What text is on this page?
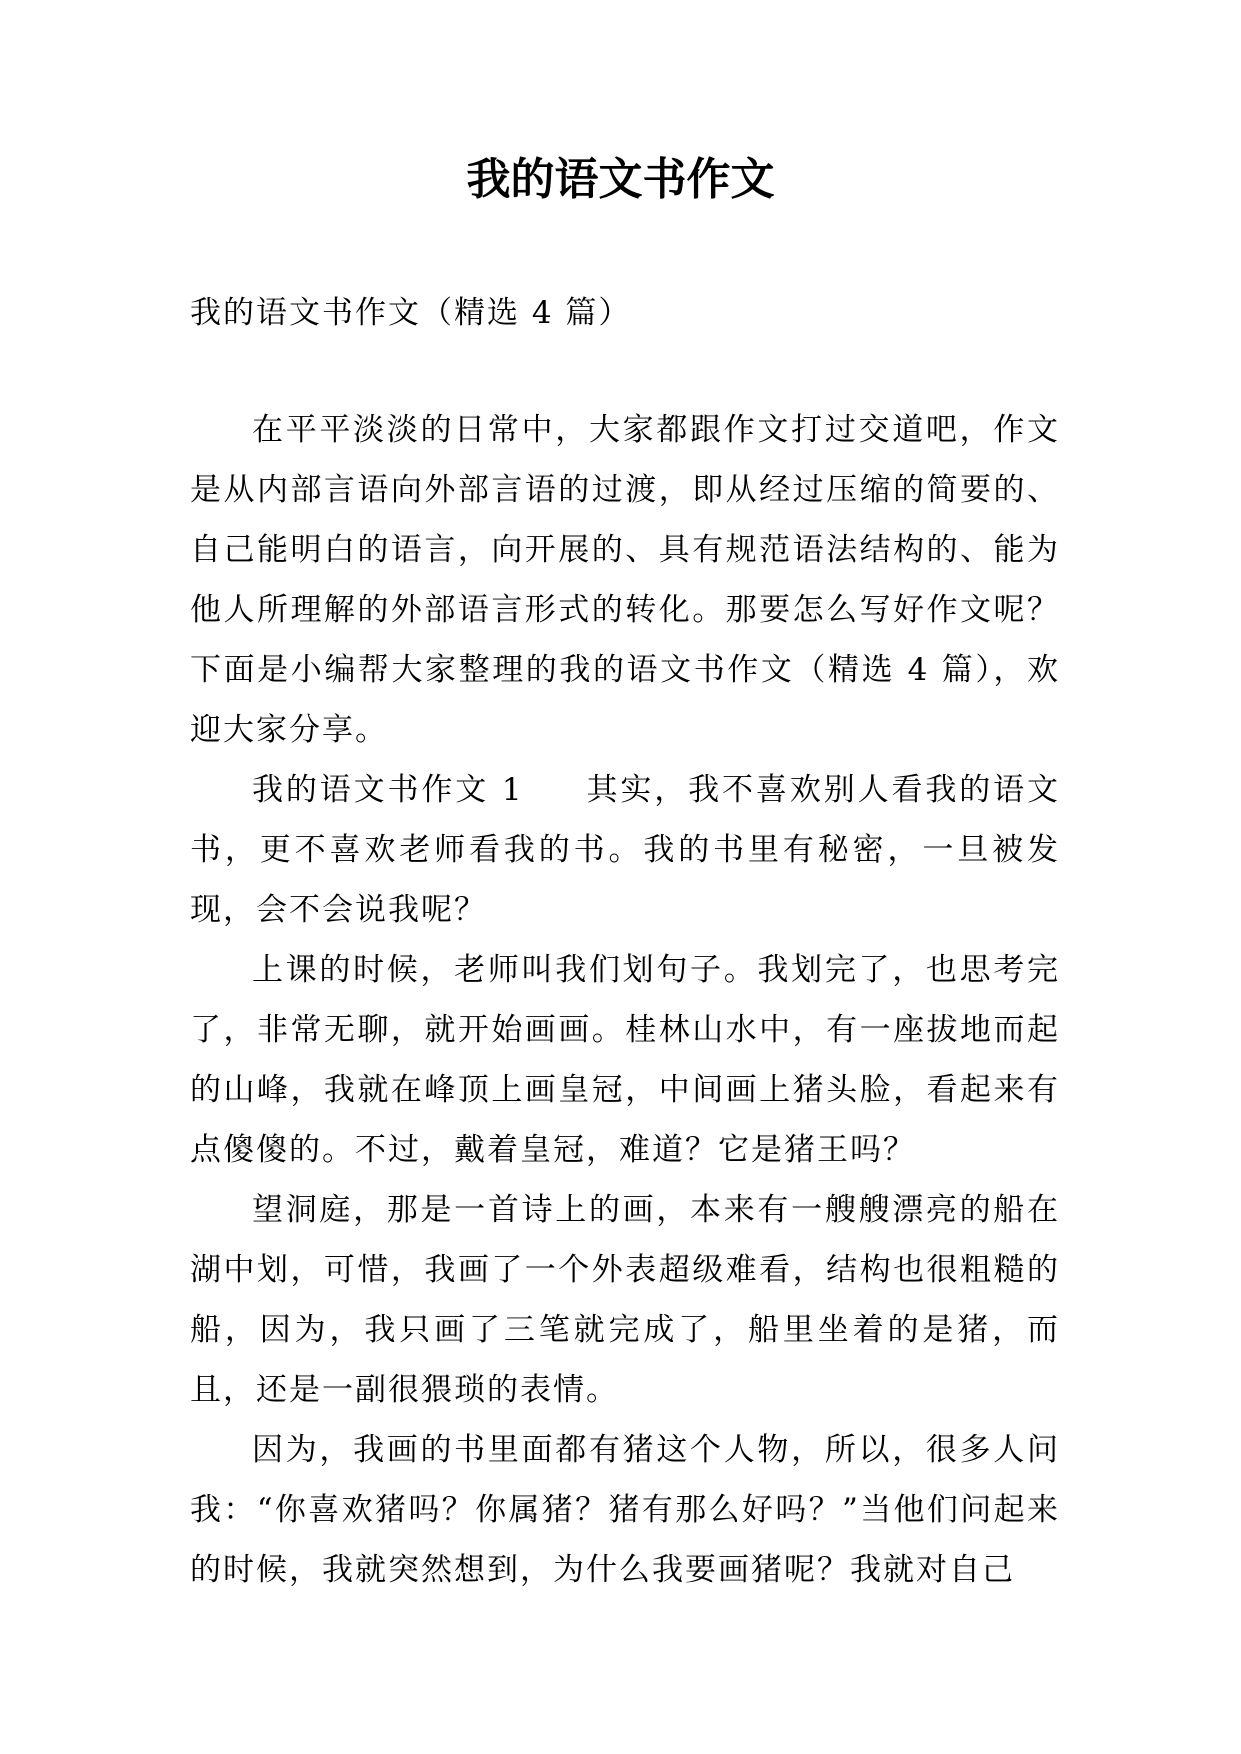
我的语文书作文

我的语文书作文（精选 4 篇）

在平平淡淡的日常中，大家都跟作文打过交道吧，作文是从内部言语向外部言语的过渡，即从经过压缩的简要的、自己能明白的语言，向开展的、具有规范语法结构的、能为他人所理解的外部语言形式的转化。那要怎么写好作文呢？下面是小编帮大家整理的我的语文书作文（精选 4 篇），欢迎大家分享。

我的语文书作文 1 其实，我不喜欢别人看我的语文书，更不喜欢老师看我的书。我的书里有秘密，一旦被发现，会不会说我呢？

上课的时候，老师叫我们划句子。我划完了，也思考完了，非常无聊，就开始画画。桂林山水中，有一座拔地而起的山峰，我就在峰顶上画皇冠，中间画上猪头脸，看起来有点傻傻的。不过，戴着皇冠，难道？它是猪王吗？

望洞庭，那是一首诗上的画，本来有一艘艘漂亮的船在湖中划，可惜，我画了一个外表超级难看，结构也很粗糙的船，因为，我只画了三笔就完成了，船里坐着的是猪，而且，还是一副很猥琐的表情。

因为，我画的书里面都有猪这个人物，所以，很多人问我：“你喜欢猪吗？你属猪？猪有那么好吗？”当他们问起来的时候，我就突然想到，为什么我要画猪呢？我就对自己
